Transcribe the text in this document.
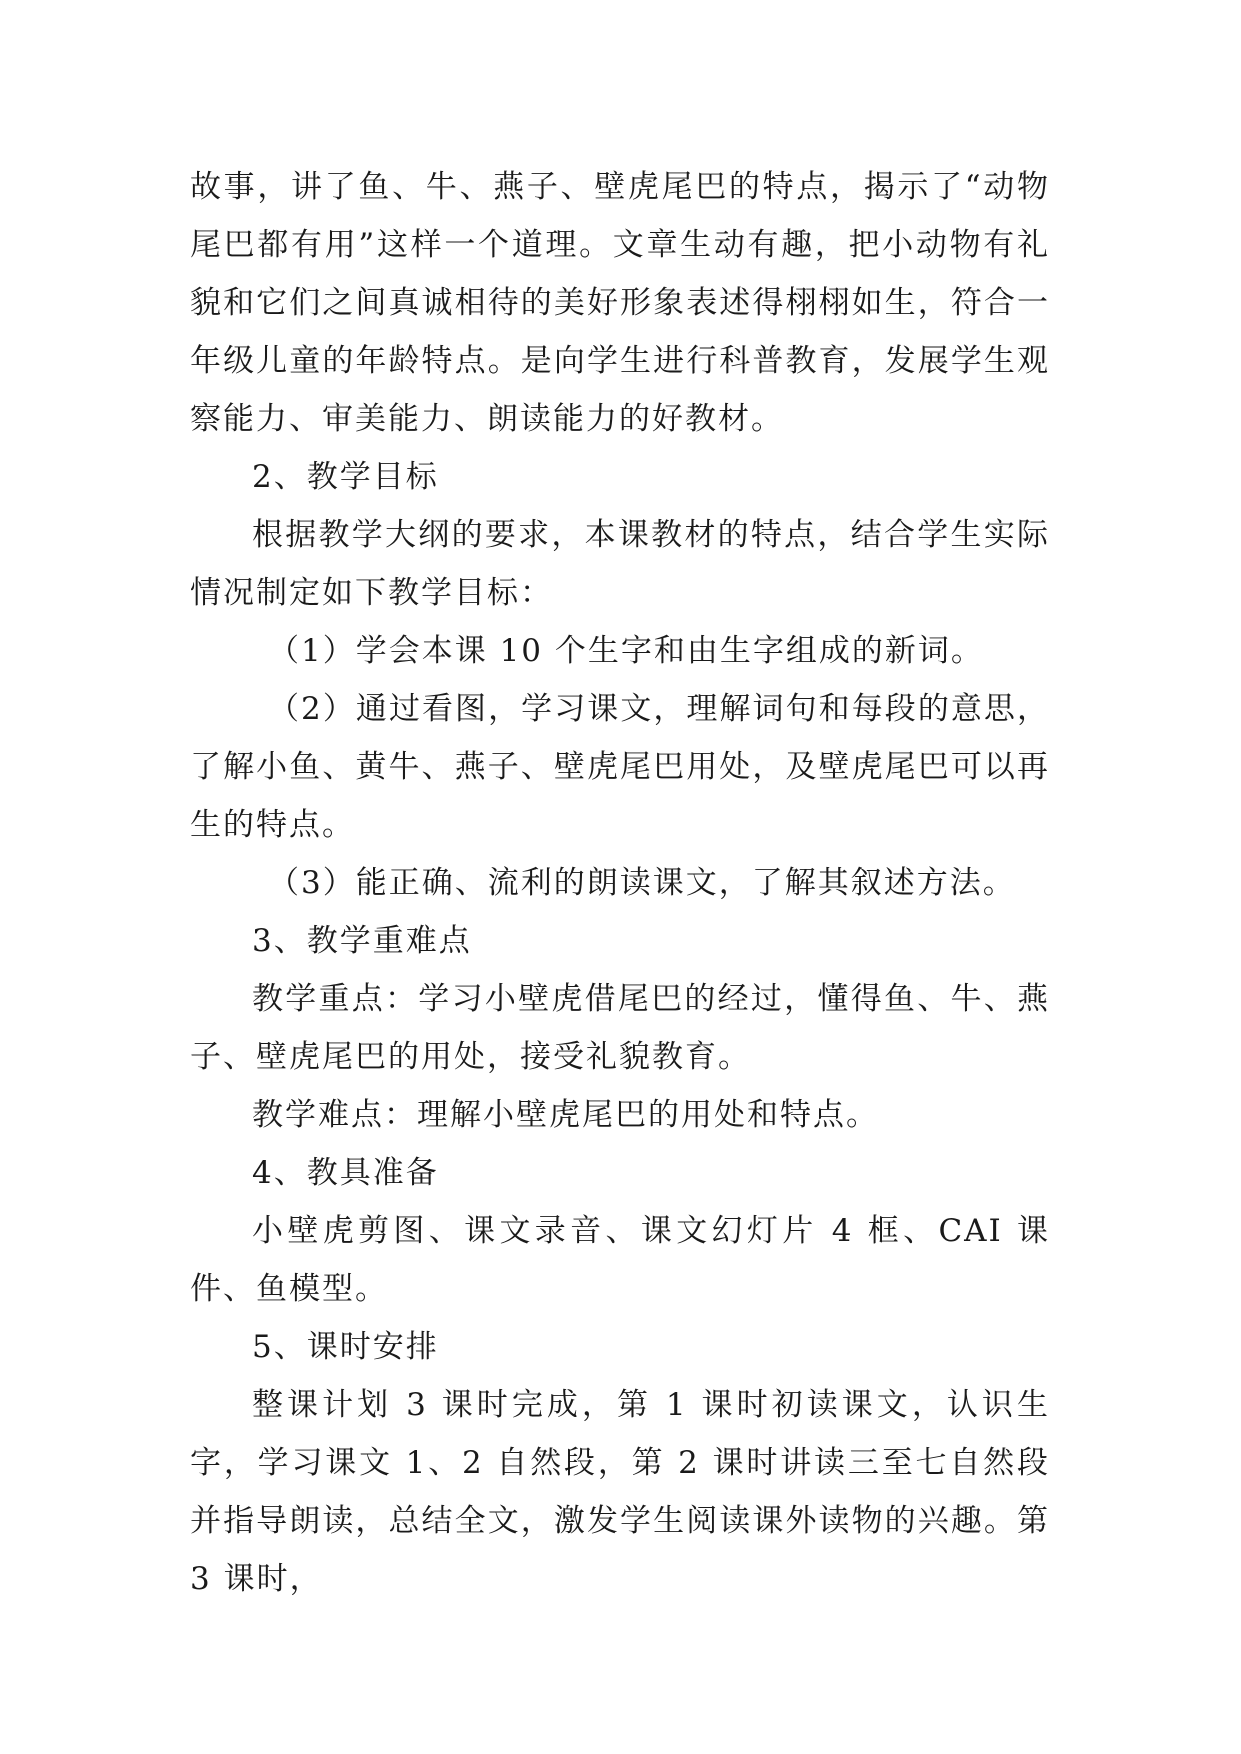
故事，讲了鱼、牛、燕子、壁虎尾巴的特点，揭示了“动物尾巴都有用”这样一个道理。文章生动有趣，把小动物有礼貌和它们之间真诚相待的美好形象表述得栩栩如生，符合一年级儿童的年龄特点。是向学生进行科普教育，发展学生观察能力、审美能力、朗读能力的好教材。

2、教学目标

根据教学大纲的要求，本课教材的特点，结合学生实际情况制定如下教学目标：

（1）学会本课 10 个生字和由生字组成的新词。

（2）通过看图，学习课文，理解词句和每段的意思，了解小鱼、黄牛、燕子、壁虎尾巴用处，及壁虎尾巴可以再生的特点。

（3）能正确、流利的朗读课文，了解其叙述方法。

3、教学重难点

教学重点：学习小壁虎借尾巴的经过，懂得鱼、牛、燕子、壁虎尾巴的用处，接受礼貌教育。

教学难点：理解小壁虎尾巴的用处和特点。

4、教具准备

小壁虎剪图、课文录音、课文幻灯片 4 框、CAI 课件、鱼模型。

5、课时安排

整课计划 3 课时完成，第 1 课时初读课文，认识生字，学习课文 1、2 自然段，第 2 课时讲读三至七自然段并指导朗读，总结全文，激发学生阅读课外读物的兴趣。第 3 课时，
